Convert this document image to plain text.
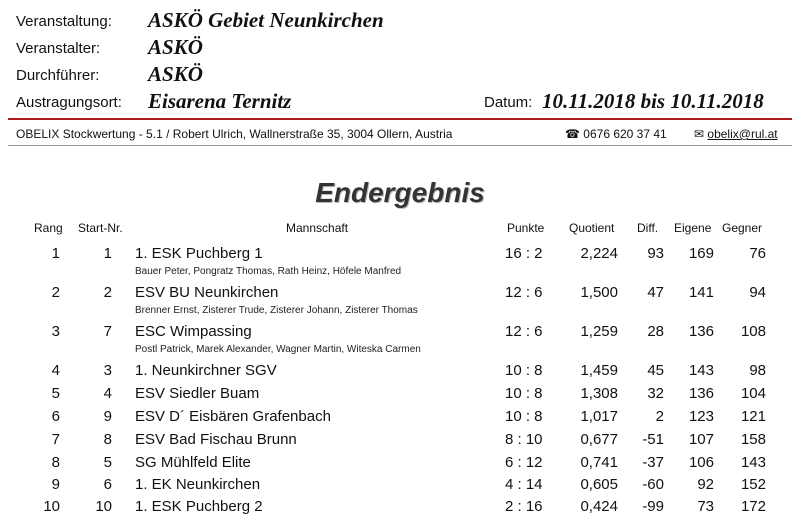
Veranstaltung: ASKÖ Gebiet Neunkirchen
Veranstalter: ASKÖ
Durchführer: ASKÖ
Austragungsort: Eisarena Ternitz	Datum: 10.11.2018 bis 10.11.2018
OBELIX Stockwertung - 5.1 / Robert Ulrich, Wallnerstraße 35, 3004 Ollern, Austria	☎ 0676 620 37 41 ✉ obelix@rul.at
Endergebnis
Rang Start-Nr.	Mannschaft	Punkte Quotient Diff. Eigene Gegner
1	1 1. ESK Puchberg 1	16 : 2	2,224	93	169	76
Bauer Peter, Pongratz Thomas, Rath Heinz, Höfele Manfred
2	2 ESV BU Neunkirchen	12 : 6	1,500	47	141	94
Brenner Ernst, Zisterer Trude, Zisterer Johann, Zisterer Thomas
3	7 ESC Wimpassing	12 : 6	1,259	28	136	108
Postl Patrick, Marek Alexander, Wagner Martin, Witeska Carmen
4	3 1. Neunkirchner SGV	10 : 8	1,459	45	143	98
5	4 ESV Siedler Buam	10 : 8	1,308	32	136	104
6	9 ESV D´ Eisbären Grafenbach	10 : 8	1,017	2	123	121
7	8 ESV Bad Fischau Brunn	8 : 10	0,677	-51	107	158
8	5 SG Mühlfeld Elite	6 : 12	0,741	-37	106	143
9	6 1. EK Neunkirchen	4 : 14	0,605	-60	92	152
10	10 1. ESK Puchberg 2	2 : 16	0,424	-99	73	172
